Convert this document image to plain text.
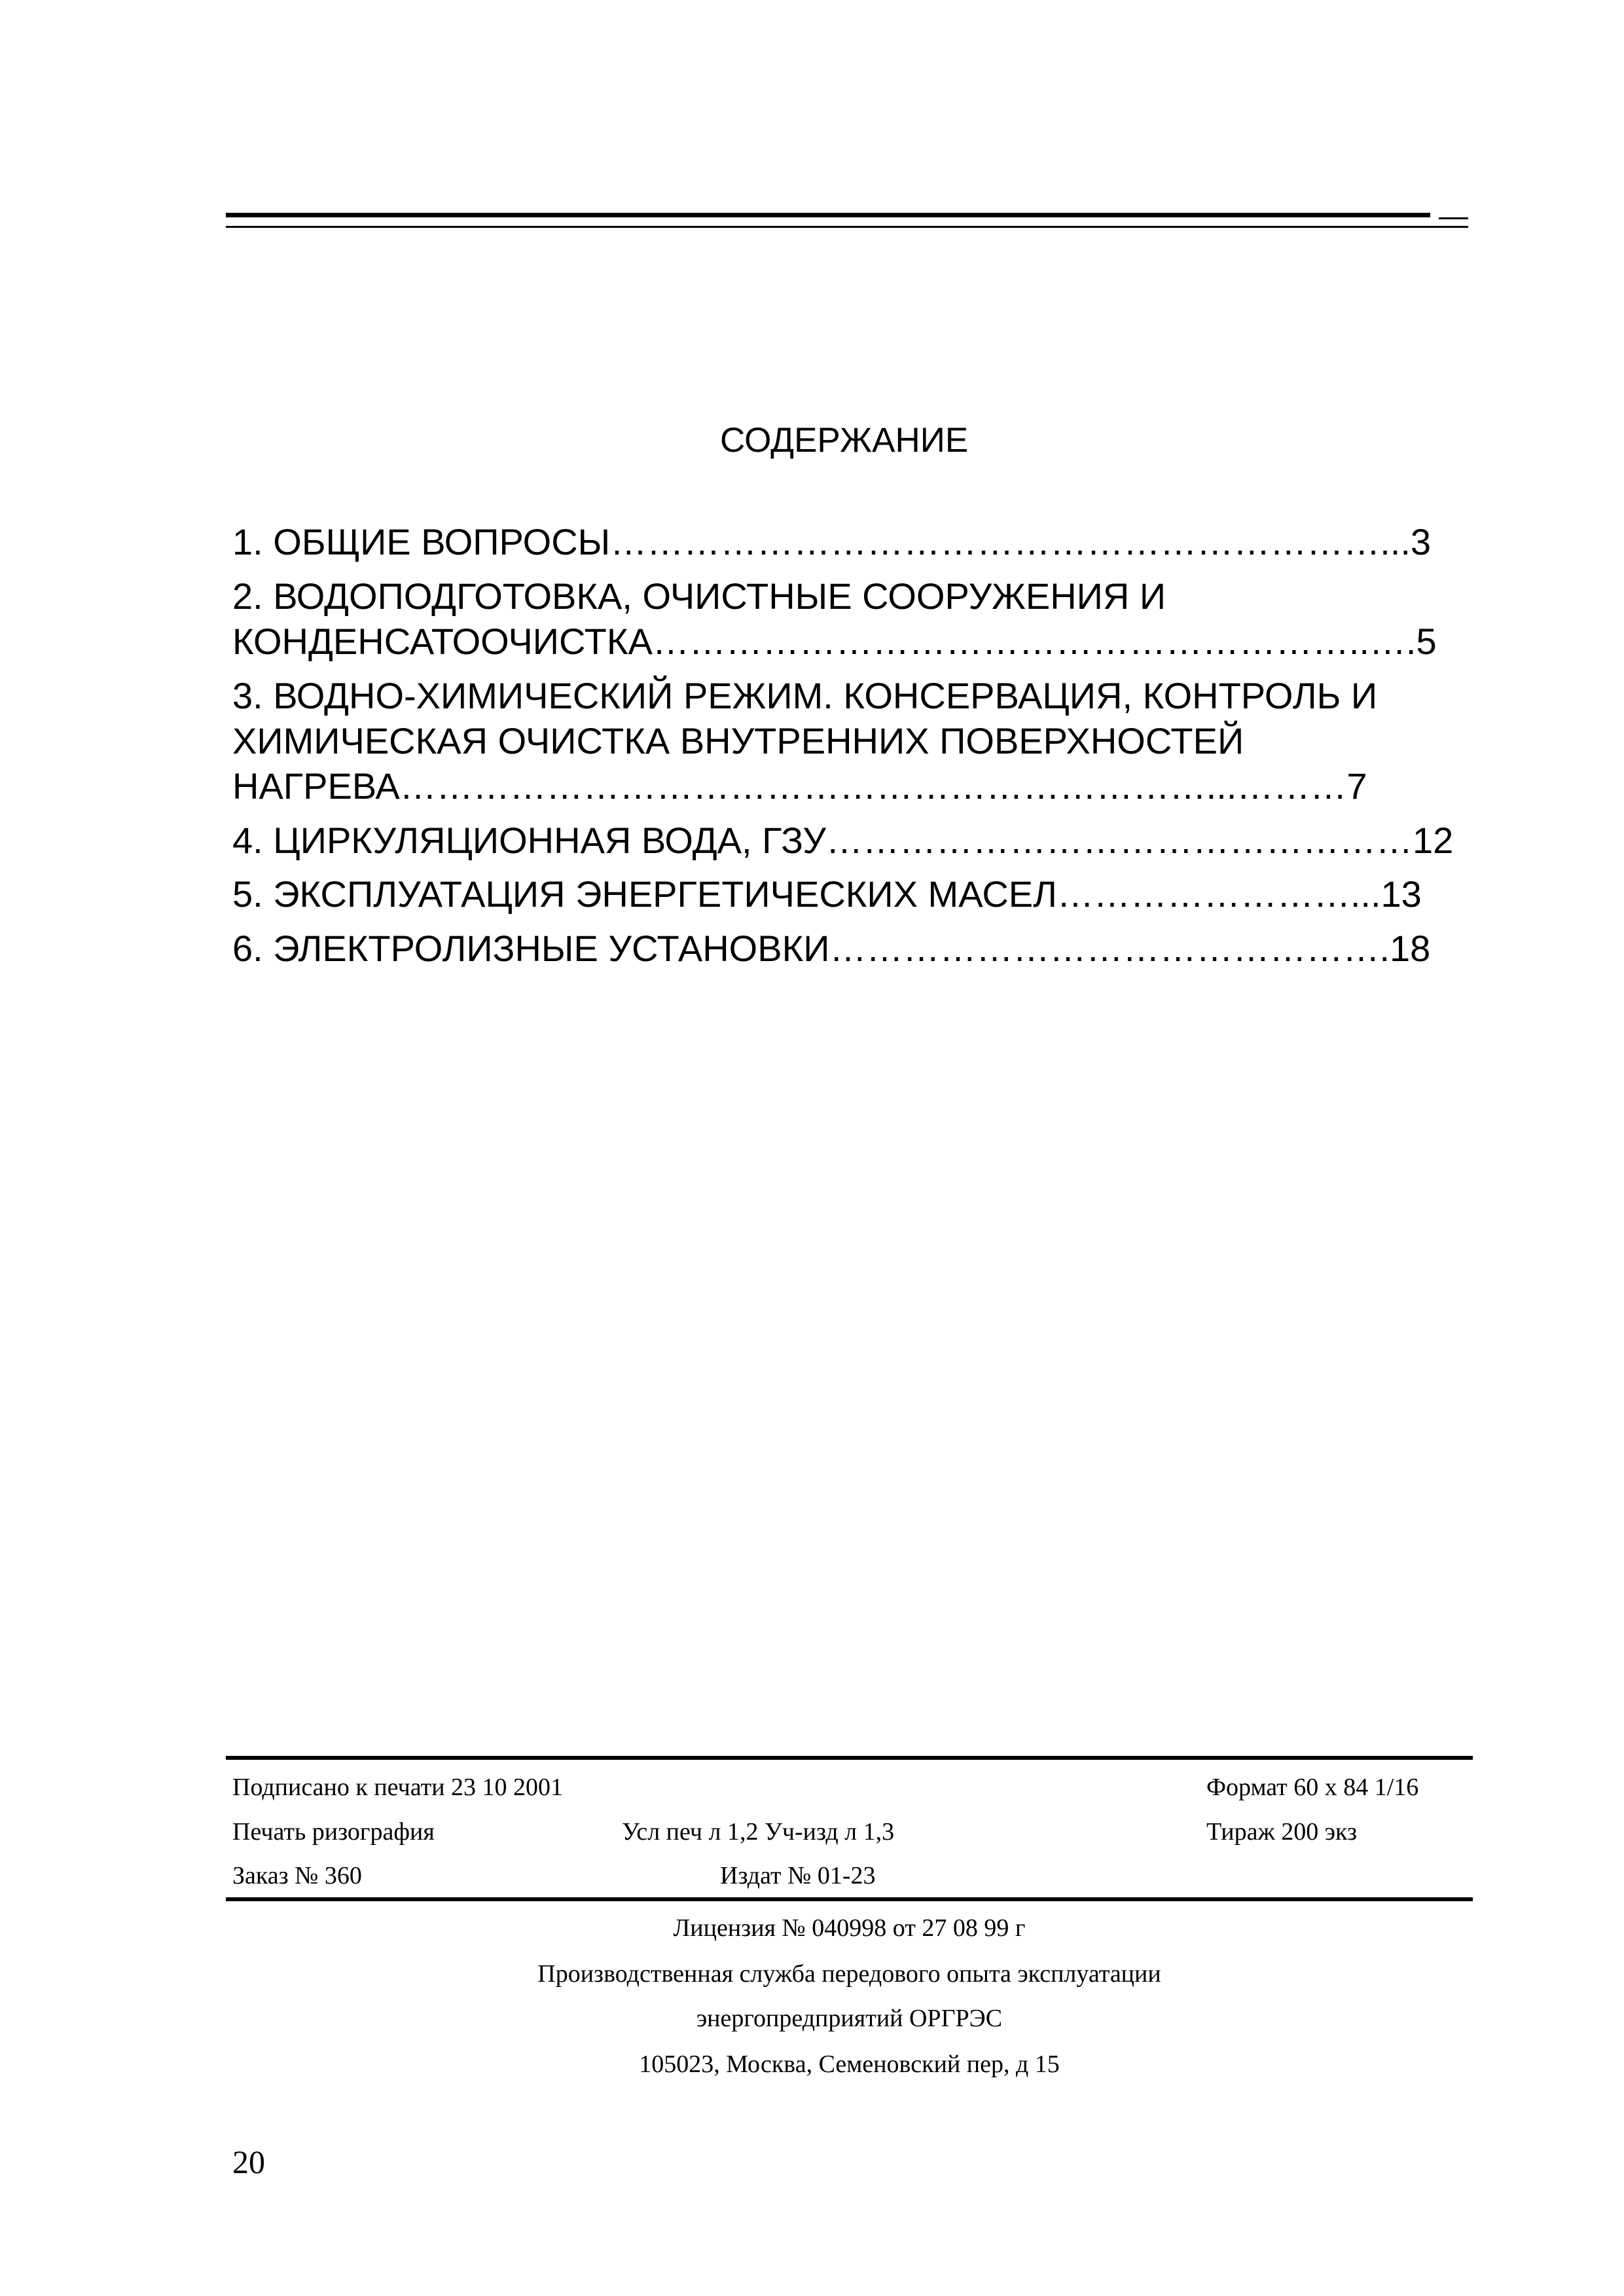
СОДЕРЖАНИЕ
1. ОБЩИЕ ВОПРОСЫ………………………………………………………...3
2. ВОДОПОДГОТОВКА, ОЧИСТНЫЕ СООРУЖЕНИЯ И
КОНДЕНСАТООЧИСТКА…………………………………………………..….5
3. ВОДНО-ХИМИЧЕСКИЙ РЕЖИМ. КОНСЕРВАЦИЯ, КОНТРОЛЬ И
ХИМИЧЕСКАЯ ОЧИСТКА ВНУТРЕННИХ ПОВЕРХНОСТЕЙ
НАГРЕВА…………………………………………………………...………7
4. ЦИРКУЛЯЦИОННАЯ ВОДА, ГЗУ…………………………………………12
5. ЭКСПЛУАТАЦИЯ ЭНЕРГЕТИЧЕСКИХ МАСЕЛ……………………...13
6. ЭЛЕКТРОЛИЗНЫЕ УСТАНОВКИ……………………………………….18
Подписано к печати 23 10 2001	Формат 60 х 84 1/16
Печать ризография	Усл печ л 1,2 Уч-изд л 1,3	Тираж 200 экз
Заказ № 360	Издат № 01-23
Лицензия № 040998 от 27 08 99 г
Производственная служба передового опыта эксплуатации
энергопредприятий ОРГРЭС
105023, Москва, Семеновский пер, д 15
20
